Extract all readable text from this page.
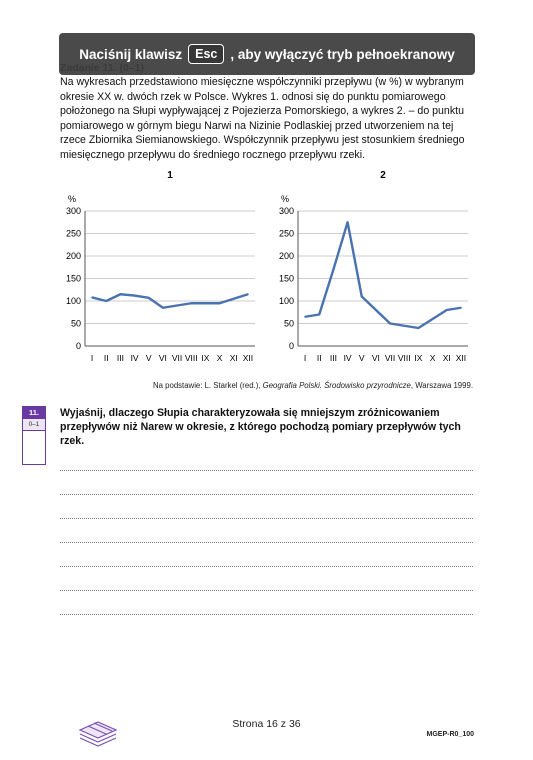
Naciśnij klawisz	Esc , aby wyłączyć tryb pełnoekranowy
Na wykresach przedstawiono miesięczne współczynniki przepływu (w %) w wybranym okresie XX w. dwóch rzek w Polsce. Wykres 1. odnosi się do punktu pomiarowego położonego na Słupi wypływającej z Pojezierza Pomorskiego, a wykres 2. – do punktu pomiarowego w górnym biegu Narwi na Nizinie Podlaskiej przed utworzeniem na tej rzece Zbiornika Siemianowskiego. Współczynnik przepływu jest stosunkiem średniego miesięcznego przepływu do średniego rocznego przepływu rzeki.
1
%
0
50
100
150
200
250
300
I II III IV V VI VII VIII IX X XI XII
2
%
0
50
100
150
200
250
300
I II III IV V VI VII VIII IX X XI XII
Na podstawie: L. Starkel (red.), Geografia Polski. Środowisko przyrodnicze, Warszawa 1999.
11.
0–1
Wyjaśnij, dlaczego Słupia charakteryzowała się mniejszym zróżnicowaniem przepływów niż Narew w okresie, z którego pochodzą pomiary przepływów tych rzek.
Strona 16 z 36
MGEP-R0_100
